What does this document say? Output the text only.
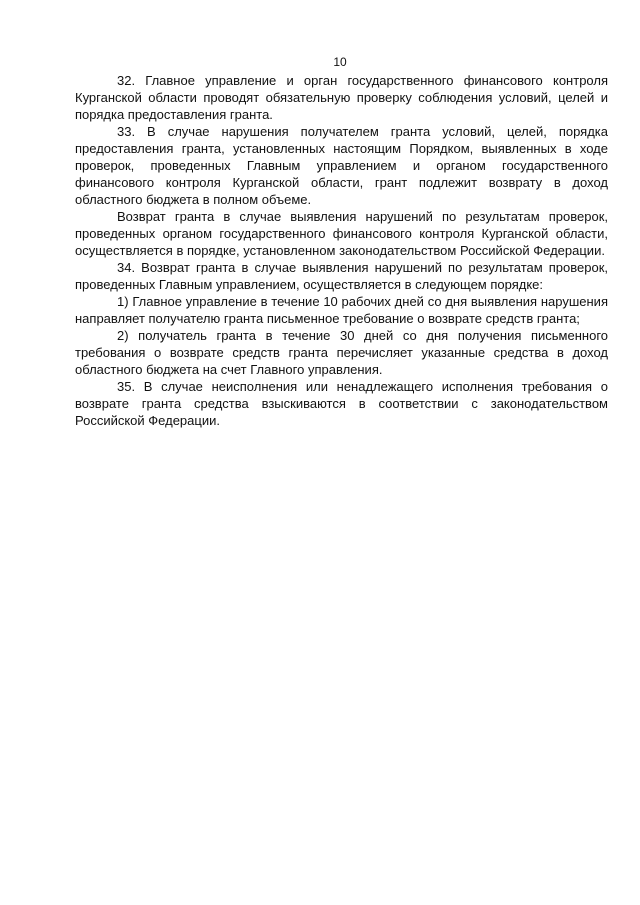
10

32. Главное управление и орган государственного финансового контроля Курганской области проводят обязательную проверку соблюдения условий, целей и порядка предоставления гранта.

33. В случае нарушения получателем гранта условий, целей, порядка предоставления гранта, установленных настоящим Порядком, выявленных в ходе проверок, проведенных Главным управлением и органом государственного финансового контроля Курганской области, грант подлежит возврату в доход областного бюджета в полном объеме.

Возврат гранта в случае выявления нарушений по результатам проверок, проведенных органом государственного финансового контроля Курганской области, осуществляется в порядке, установленном законодательством Российской Федерации.

34. Возврат гранта в случае выявления нарушений по результатам проверок, проведенных Главным управлением, осуществляется в следующем порядке:

1) Главное управление в течение 10 рабочих дней со дня выявления нарушения направляет получателю гранта письменное требование о возврате средств гранта;

2) получатель гранта в течение 30 дней со дня получения письменного требования о возврате средств гранта перечисляет указанные средства в доход областного бюджета на счет Главного управления.

35. В случае неисполнения или ненадлежащего исполнения требования о возврате гранта средства взыскиваются в соответствии с законодательством Российской Федерации.
